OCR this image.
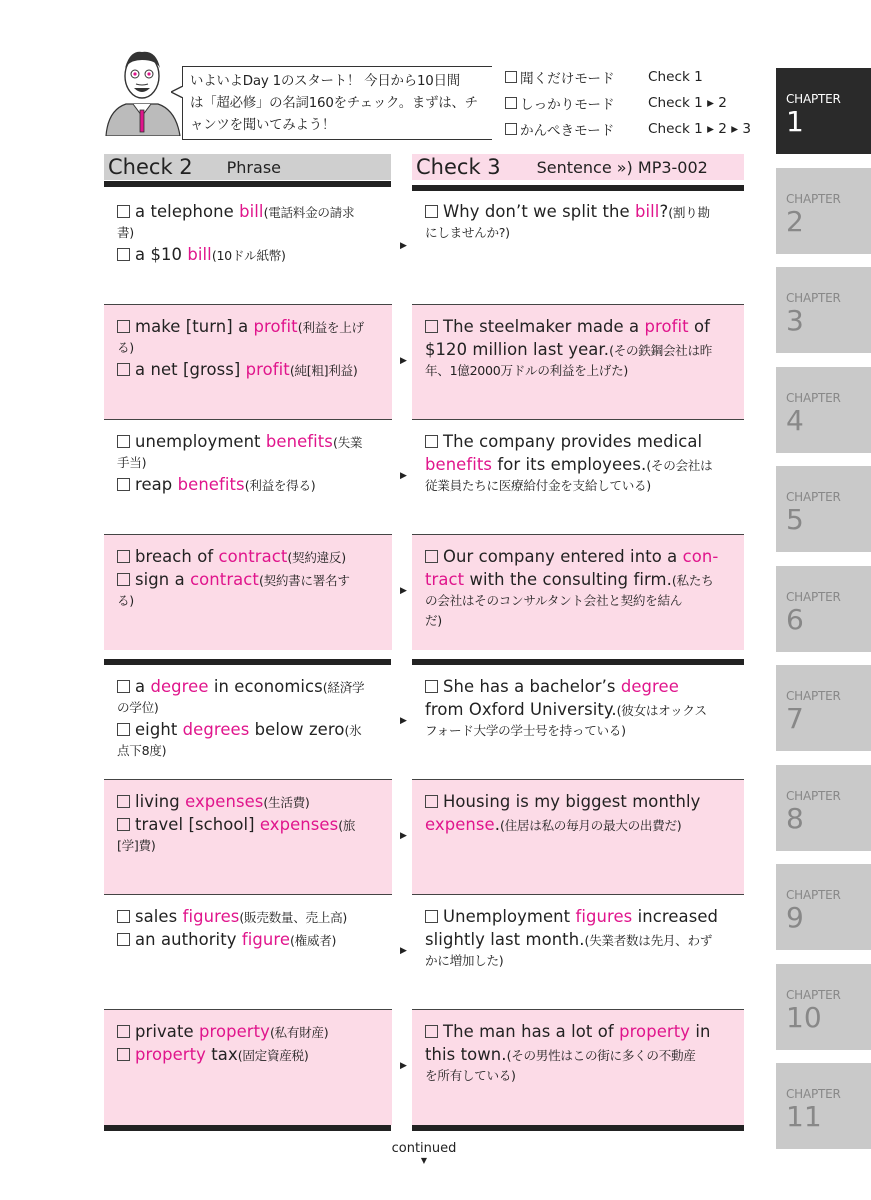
いよいよDay 1のスタート！ 今日から10日間
は「超必修」の名詞160をチェック。まずは、チ
ャンツを聞いてみよう！
聞くだけモード	Check 1
しっかりモード	Check 1 ▸ 2
かんぺきモード	Check 1 ▸ 2 ▸ 3
CHAPTER
1
CHAPTER
2
CHAPTER
3
CHAPTER
4
CHAPTER
5
CHAPTER
6
CHAPTER
7
CHAPTER
8
CHAPTER
9
CHAPTER
10
CHAPTER
11
Check 2 Phrase	Check 3 Sentence ») MP3-002
a telephone bill(電話料金の請求
書)
a $10 bill(10ドル紙幣)
▶
Why don’t we split the bill?(割り勘
にしませんか?)
make [turn] a profit(利益を上げ
る)
a net [gross] profit(純[粗]利益)
▶
The steelmaker made a profit of
$120 million last year.(その鉄鋼会社は昨
年、1億2000万ドルの利益を上げた)
unemployment benefits(失業
手当)
reap benefits(利益を得る)
▶
The company provides medical
benefits for its employees.(その会社は
従業員たちに医療給付金を支給している)
breach of contract(契約違反)
sign a contract(契約書に署名す
る)
▶
Our company entered into a con-
tract with the consulting firm.(私たち
の会社はそのコンサルタント会社と契約を結ん
だ)
a degree in economics(経済学
の学位)
eight degrees below zero(氷
点下8度)
▶
She has a bachelor’s degree
from Oxford University.(彼女はオックス
フォード大学の学士号を持っている)
living expenses(生活費)
travel [school] expenses(旅
[学]費)
▶
Housing is my biggest monthly
expense.(住居は私の毎月の最大の出費だ)
sales figures(販売数量、売上高)
an authority figure(権威者)
▶
Unemployment figures increased
slightly last month.(失業者数は先月、わず
かに増加した)
private property(私有財産)
property tax(固定資産税)
▶
The man has a lot of property in
this town.(その男性はこの街に多くの不動産
を所有している)
continued
▼
